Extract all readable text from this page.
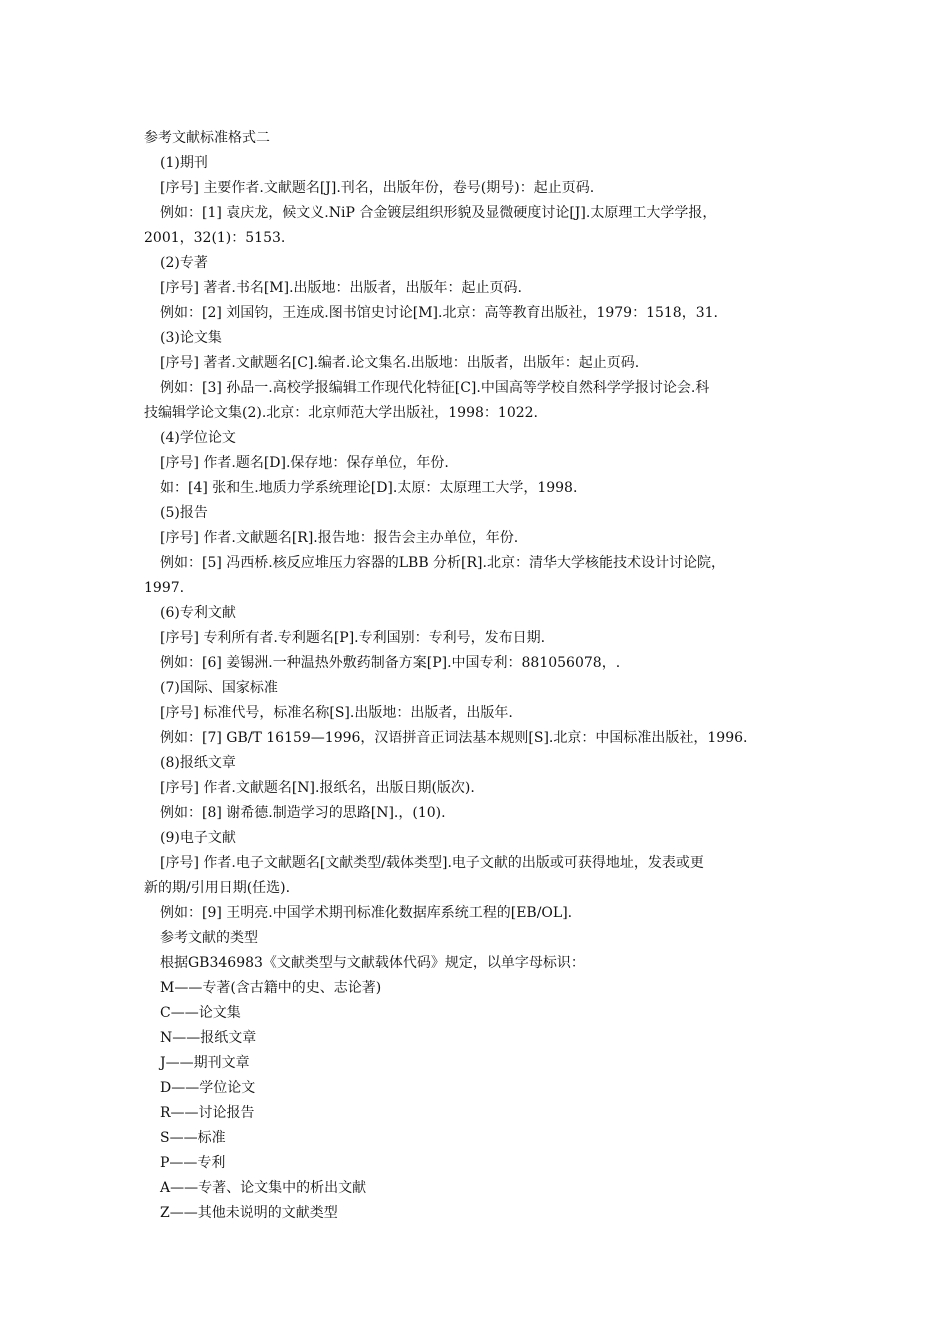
参考文献标准格式二
(1)期刊
[序号] 主要作者.文献题名[J].刊名，出版年份，卷号(期号)：起止页码.
例如：[1] 袁庆龙，候文义.NiP 合金镀层组织形貌及显微硬度讨论[J].太原理工大学学报，
2001，32(1)：5153.
(2)专著
[序号] 著者.书名[M].出版地：出版者，出版年：起止页码.
例如：[2] 刘国钧，王连成.图书馆史讨论[M].北京：高等教育出版社，1979：1518，31.
(3)论文集
[序号] 著者.文献题名[C].编者.论文集名.出版地：出版者，出版年：起止页码.
例如：[3] 孙品一.高校学报编辑工作现代化特征[C].中国高等学校自然科学学报讨论会.科
技编辑学论文集(2).北京：北京师范大学出版社，1998：1022.
(4)学位论文
[序号] 作者.题名[D].保存地：保存单位，年份.
如：[4] 张和生.地质力学系统理论[D].太原：太原理工大学，1998.
(5)报告
[序号] 作者.文献题名[R].报告地：报告会主办单位，年份.
例如：[5] 冯西桥.核反应堆压力容器的LBB 分析[R].北京：清华大学核能技术设计讨论院，
1997.
(6)专利文献
[序号] 专利所有者.专利题名[P].专利国别：专利号，发布日期.
例如：[6] 姜锡洲.一种温热外敷药制备方案[P].中国专利：881056078，.
(7)国际、国家标准
[序号] 标准代号，标准名称[S].出版地：出版者，出版年.
例如：[7] GB/T 16159—1996，汉语拼音正词法基本规则[S].北京：中国标准出版社，1996.
(8)报纸文章
[序号] 作者.文献题名[N].报纸名，出版日期(版次).
例如：[8] 谢希德.制造学习的思路[N].，(10).
(9)电子文献
[序号] 作者.电子文献题名[文献类型/载体类型].电子文献的出版或可获得地址，发表或更
新的期/引用日期(任选).
例如：[9] 王明亮.中国学术期刊标准化数据库系统工程的[EB/OL].
参考文献的类型
根据GB346983《文献类型与文献载体代码》规定，以单字母标识：
M——专著(含古籍中的史、志论著)
C——论文集
N——报纸文章
J——期刊文章
D——学位论文
R——讨论报告
S——标准
P——专利
A——专著、论文集中的析出文献
Z——其他未说明的文献类型
